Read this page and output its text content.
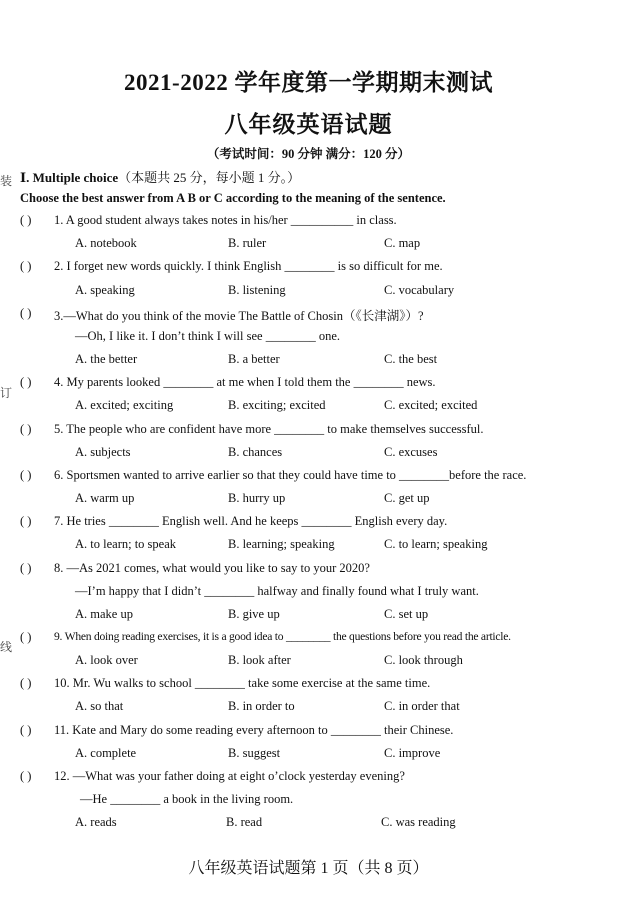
装
订
线
2021-2022 学年度第一学期期末测试
八年级英语试题
（考试时间：90 分钟 满分：120 分）
Ⅰ. Multiple choice（本题共 25 分，每小题 1 分。）
Choose the best answer from A B or C according to the meaning of the sentence.
( ) 1. A good student always takes notes in his/her __________ in class.
A. notebook	B. ruler	C. map
( ) 2. I forget new words quickly. I think English ________ is so difficult for me.
A. speaking	B. listening	C. vocabulary
( ) 3.—What do you think of the movie The Battle of Chosin（《长津湖》）?
—Oh, I like it. I don’t think I will see ________ one.
A. the better	B. a better	C. the best
( ) 4. My parents looked ________ at me when I told them the ________ news.
A. excited; exciting	B. exciting; excited	C. excited; excited
( ) 5. The people who are confident have more ________ to make themselves successful.
A. subjects	B. chances	C. excuses
( ) 6. Sportsmen wanted to arrive earlier so that they could have time to ________before the race.
A. warm up	B. hurry up	C. get up
( ) 7. He tries ________ English well. And he keeps ________ English every day.
A. to learn; to speak	B. learning; speaking	C. to learn; speaking
( ) 8. —As 2021 comes, what would you like to say to your 2020?
—I’m happy that I didn’t ________ halfway and finally found what I truly want.
A. make up	B. give up	C. set up
( ) 9. When doing reading exercises, it is a good idea to ________ the questions before you read the article.
A. look over	B. look after	C. look through
( ) 10. Mr. Wu walks to school ________ take some exercise at the same time.
A. so that	B. in order to	C. in order that
( ) 11. Kate and Mary do some reading every afternoon to ________ their Chinese.
A. complete	B. suggest	C. improve
( ) 12. —What was your father doing at eight o’clock yesterday evening?
—He ________ a book in the living room.
A. reads	B. read	C. was reading
八年级英语试题第 1 页（共 8 页）
